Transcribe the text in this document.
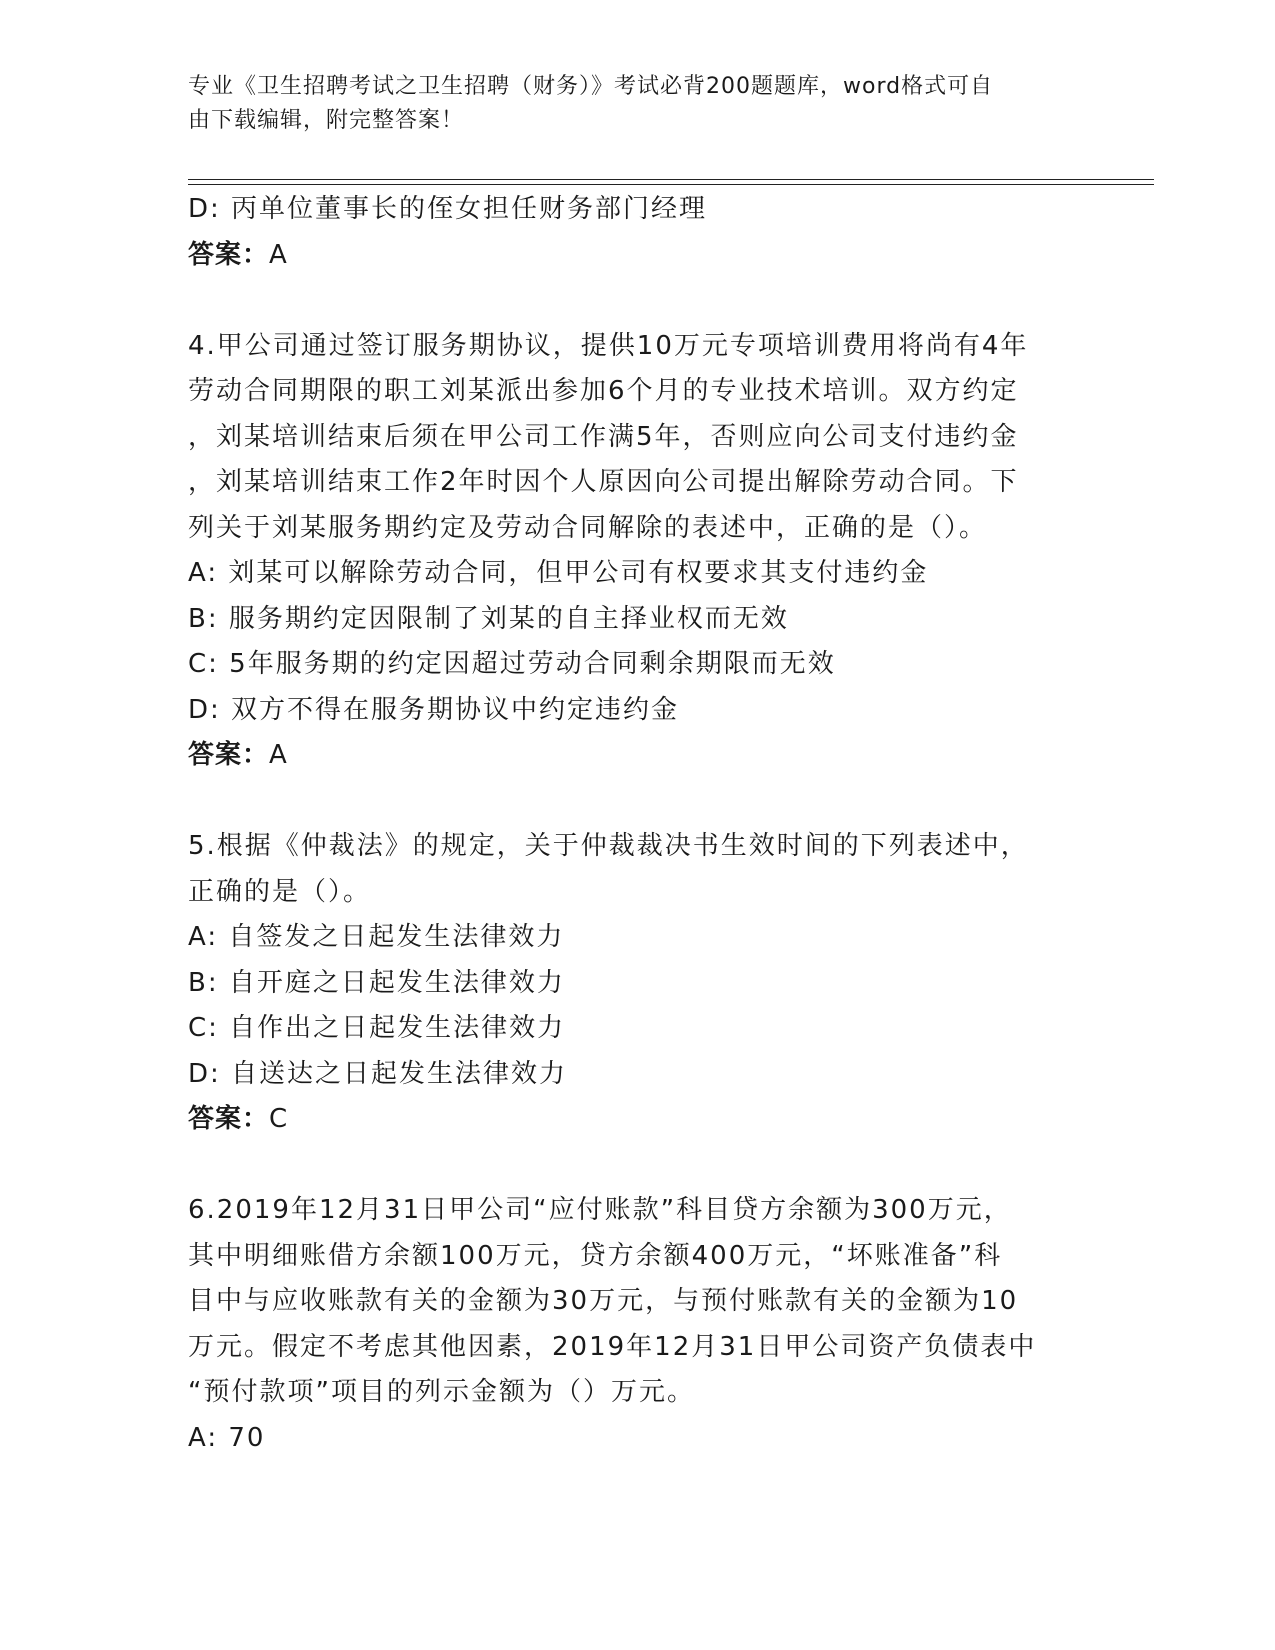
专业《卫生招聘考试之卫生招聘（财务）》考试必背200题题库，word格式可自
由下载编辑，附完整答案！
D: 丙单位董事长的侄女担任财务部门经理
答案：A
4.甲公司通过签订服务期协议，提供10万元专项培训费用将尚有4年
劳动合同期限的职工刘某派出参加6个月的专业技术培训。双方约定
，刘某培训结束后须在甲公司工作满5年，否则应向公司支付违约金
，刘某培训结束工作2年时因个人原因向公司提出解除劳动合同。下
列关于刘某服务期约定及劳动合同解除的表述中，正确的是（）。
A: 刘某可以解除劳动合同，但甲公司有权要求其支付违约金
B: 服务期约定因限制了刘某的自主择业权而无效
C: 5年服务期的约定因超过劳动合同剩余期限而无效
D: 双方不得在服务期协议中约定违约金
答案：A
5.根据《仲裁法》的规定，关于仲裁裁决书生效时间的下列表述中，
正确的是（）。
A: 自签发之日起发生法律效力
B: 自开庭之日起发生法律效力
C: 自作出之日起发生法律效力
D: 自送达之日起发生法律效力
答案：C
6.2019年12月31日甲公司“应付账款”科目贷方余额为300万元，
其中明细账借方余额100万元，贷方余额400万元，“坏账准备”科
目中与应收账款有关的金额为30万元，与预付账款有关的金额为10
万元。假定不考虑其他因素，2019年12月31日甲公司资产负债表中
“预付款项”项目的列示金额为（）万元。
A: 70
